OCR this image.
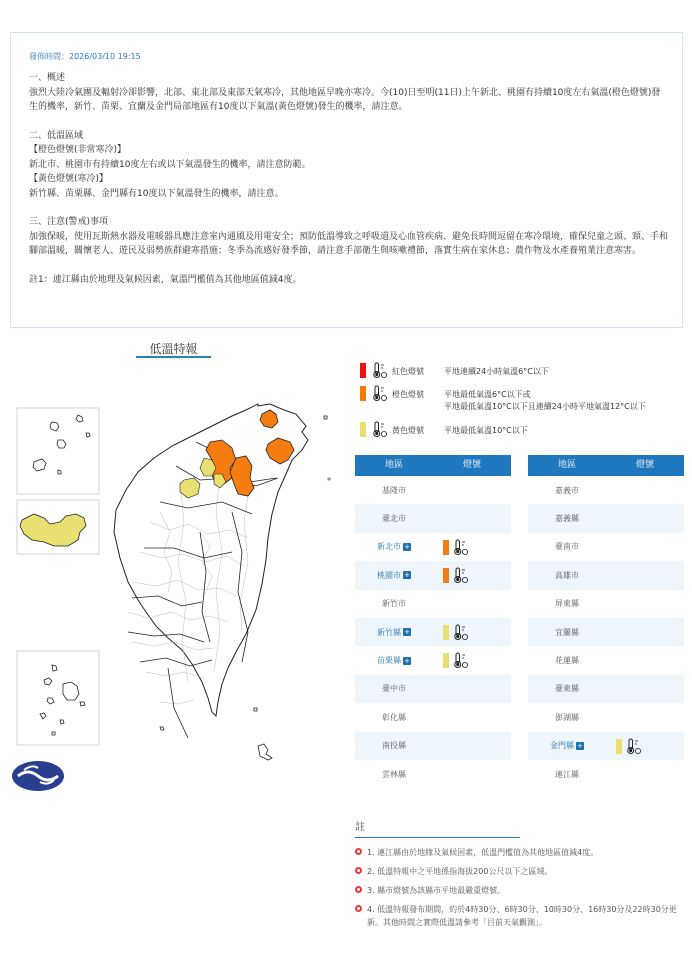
發佈時間：2026/03/10 19:15
一、概述
強烈大陸冷氣團及輻射冷卻影響，北部、東北部及東部天氣寒冷，其他地區早晚亦寒冷。今(10)日至明(11日)上午新北、桃園有持續10度左右氣溫(橙色燈號)發生的機率，新竹、苗栗、宜蘭及金門局部地區有10度以下氣溫(黃色燈號)發生的機率，請注意。
二、低溫區域
【橙色燈號(非常寒冷)】
新北市、桃園市有持續10度左右或以下氣溫發生的機率，請注意防範。
【黃色燈號(寒冷)】
新竹縣、苗栗縣、金門縣有10度以下氣溫發生的機率，請注意。
三、注意(警戒)事項
加強保暖，使用瓦斯熱水器及電暖器具應注意室內通風及用電安全；預防低溫導致之呼吸道及心血管疾病、避免長時間逗留在寒冷環境，確保兒童之頭、頸、手和腳部溫暖，關懷老人、遊民及弱勢族群避寒措施；冬季為流感好發季節，請注意手部衛生與咳嗽禮節，落實生病在家休息；農作物及水產養殖業注意寒害。
註1：連江縣由於地理及氣候因素，氣溫門檻值為其他地區值減4度。
低溫特報
紅色燈號	平地連續24小時氣溫6°C以下
橙色燈號	平地最低氣溫6°C以下或
平地最低氣溫10°C以下且連續24小時平地氣溫12°C以下
黃色燈號	平地最低氣溫10°C以下
地區	燈號
基隆市
臺北市
新北市 +
桃園市 +
新竹市
新竹縣 +
苗栗縣 +
臺中市
彰化縣
南投縣
雲林縣
地區	燈號
嘉義市
嘉義縣
臺南市
高雄市
屏東縣
宜蘭縣
花蓮縣
臺東縣
澎湖縣
金門縣 +
連江縣
註
1. 連江縣由於地緣及氣候因素，低溫門檻值為其他地區值減4度。
2. 低溫特報中之平地係指海拔200公尺以下之區域。
3. 縣市燈號為該縣市平地最嚴重燈號。
4. 低溫特報發布期間，約於4時30分、6時30分、10時30分、16時30分及22時30分更新。其他時間之實際低溫請參考「目前天氣觀測」。
